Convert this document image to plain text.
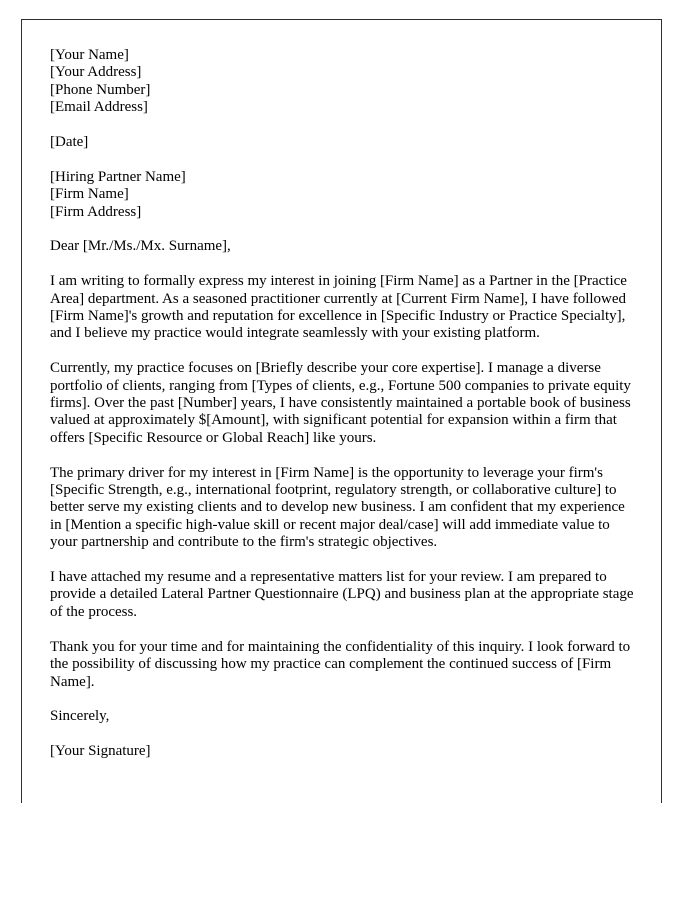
[Your Name]
[Your Address]
[Phone Number]
[Email Address]
[Date]
[Hiring Partner Name]
[Firm Name]
[Firm Address]
Dear [Mr./Ms./Mx. Surname],

I am writing to formally express my interest in joining [Firm Name] as a Partner in the [Practice Area] department. As a seasoned practitioner currently at [Current Firm Name], I have followed [Firm Name]'s growth and reputation for excellence in [Specific Industry or Practice Specialty], and I believe my practice would integrate seamlessly with your existing platform.

Currently, my practice focuses on [Briefly describe your core expertise]. I manage a diverse portfolio of clients, ranging from [Types of clients, e.g., Fortune 500 companies to private equity firms]. Over the past [Number] years, I have consistently maintained a portable book of business valued at approximately $[Amount], with significant potential for expansion within a firm that offers [Specific Resource or Global Reach] like yours.

The primary driver for my interest in [Firm Name] is the opportunity to leverage your firm's [Specific Strength, e.g., international footprint, regulatory strength, or collaborative culture] to better serve my existing clients and to develop new business. I am confident that my experience in [Mention a specific high-value skill or recent major deal/case] will add immediate value to your partnership and contribute to the firm's strategic objectives.

I have attached my resume and a representative matters list for your review. I am prepared to provide a detailed Lateral Partner Questionnaire (LPQ) and business plan at the appropriate stage of the process.

Thank you for your time and for maintaining the confidentiality of this inquiry. I look forward to the possibility of discussing how my practice can complement the continued success of [Firm Name].

Sincerely,
[Your Signature]
